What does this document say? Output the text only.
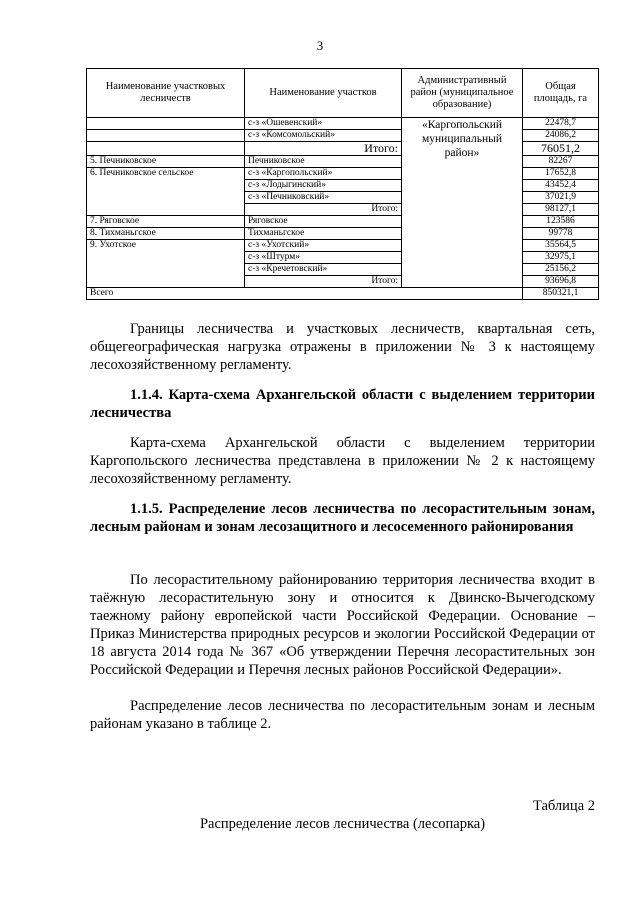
3
Наименование участковых лесничеств	Наименование участков	Административный район (муниципальное образование)	Общая площадь, га
	с-з «Ошевенский»	«Каргопольский муниципальный район»	22478,7
	с-з «Комсомольский»		24086,2
	Итого:		76051,2
5. Печниковское	Печниковское		82267
6. Печниковское сельское	с-з «Каргопольский»		17652,8
	с-з «Лодыгинский»		43452,4
	с-з «Печниковский»		37021,9
	Итого:		98127,1
7. Ряговское	Ряговское		123586
8. Тихманьгское	Тихманьгское		99778
9. Ухотское	с-з «Ухотский»		35564,5
	с-з «Штурм»		32975,1
	с-з «Кречетовский»		25156,2
	Итого:		93696,8
Всего			850321,1

Границы лесничества и участковых лесничеств, квартальная сеть, общегеографическая нагрузка отражены в приложении № 3 к настоящему лесохозяйственному регламенту.

1.1.4. Карта-схема Архангельской области с выделением территории лесничества

Карта-схема Архангельской области с выделением территории Каргопольского лесничества представлена в приложении № 2 к настоящему лесохозяйственному регламенту.

1.1.5. Распределение лесов лесничества по лесорастительным зонам, лесным районам и зонам лесозащитного и лесосеменного районирования

По лесорастительному районированию территория лесничества входит в таёжную лесорастительную зону и относится к Двинско-Вычегодскому таежному району европейской части Российской Федерации. Основание – Приказ Министерства природных ресурсов и экологии Российской Федерации от 18 августа 2014 года № 367 «Об утверждении Перечня лесорастительных зон Российской Федерации и Перечня лесных районов Российской Федерации».

Распределение лесов лесничества по лесорастительным зонам и лесным районам указано в таблице 2.

Таблица 2

Распределение лесов лесничества (лесопарка)
